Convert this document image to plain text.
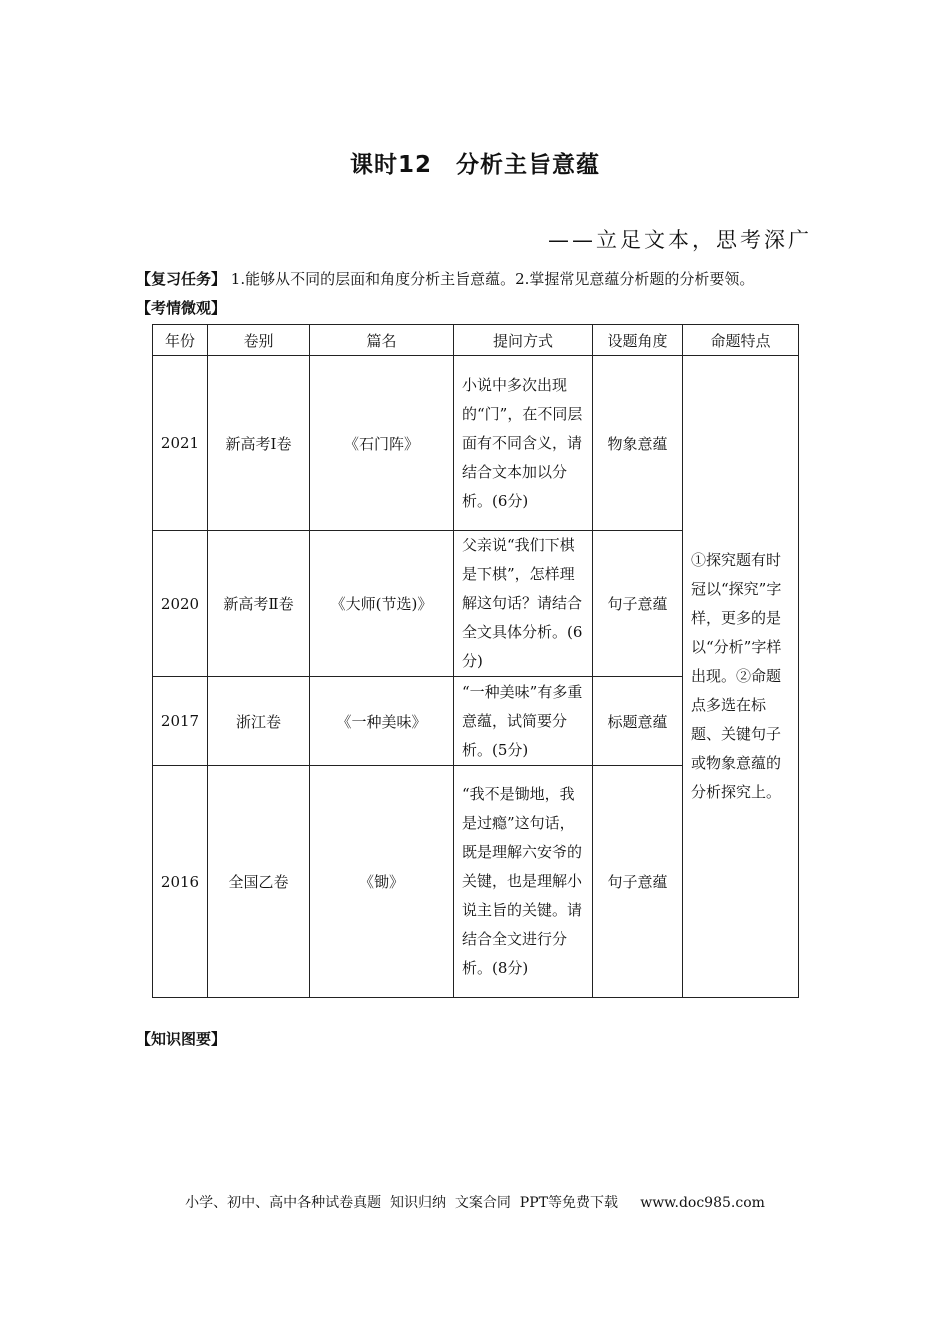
课时12　分析主旨意蕴
——立足文本，思考深广
【复习任务】 1.能够从不同的层面和角度分析主旨意蕴。2.掌握常见意蕴分析题的分析要领。
【考情微观】
年份	卷别	篇名	提问方式	设题角度	命题特点
2021	新高考Ⅰ卷	《石门阵》	小说中多次出现的“门”，在不同层面有不同含义，请结合文本加以分析。(6分)	物象意蕴	①探究题有时冠以“探究”字样，更多的是以“分析”字样出现。②命题点多选在标题、关键句子或物象意蕴的分析探究上。
2020	新高考Ⅱ卷	《大师(节选)》	父亲说“我们下棋是下棋”，怎样理解这句话？请结合全文具体分析。(6分)	句子意蕴	
2017	浙江卷	《一种美味》	“一种美味”有多重意蕴，试简要分析。(5分)	标题意蕴	
2016	全国乙卷	《锄》	“我不是锄地，我是过瘾”这句话，既是理解六安爷的关键，也是理解小说主旨的关键。请结合全文进行分析。(8分)	句子意蕴	
【知识图要】
小学、初中、高中各种试卷真题  知识归纳  文案合同  PPT等免费下载     www.doc985.com
